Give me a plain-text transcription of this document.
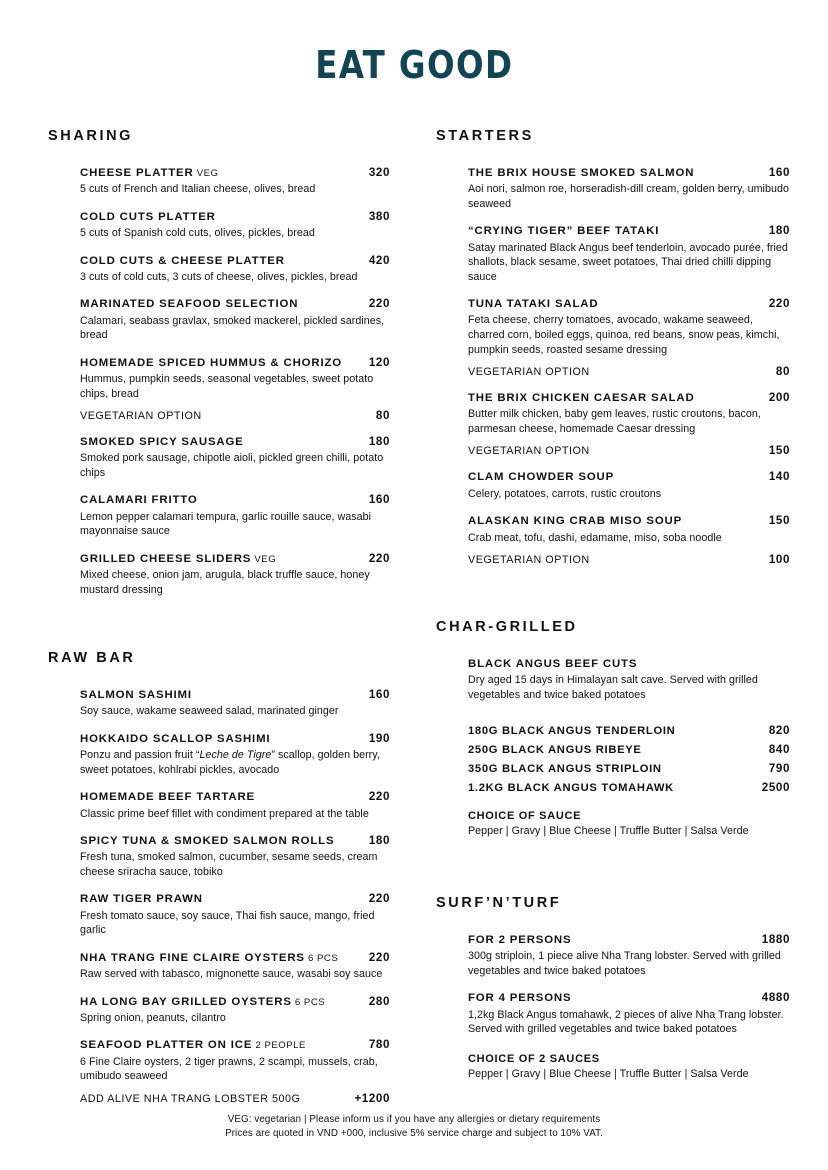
EAT GOOD
SHARING
CHEESE PLATTER VEG	320
5 cuts of French and Italian cheese, olives, bread
COLD CUTS PLATTER	380
5 cuts of Spanish cold cuts, olives, pickles, bread
COLD CUTS & CHEESE PLATTER	420
3 cuts of cold cuts, 3 cuts of cheese, olives, pickles, bread
MARINATED SEAFOOD SELECTION	220
Calamari, seabass gravlax, smoked mackerel, pickled sardines, bread
HOMEMADE SPICED HUMMUS & CHORIZO	120
Hummus, pumpkin seeds, seasonal vegetables, sweet potato chips, bread
VEGETARIAN OPTION	80
SMOKED SPICY SAUSAGE	180
Smoked pork sausage, chipotle aioli, pickled green chilli, potato chips
CALAMARI FRITTO	160
Lemon pepper calamari tempura, garlic rouille sauce, wasabi mayonnaise sauce
GRILLED CHEESE SLIDERS VEG	220
Mixed cheese, onion jam, arugula, black truffle sauce, honey mustard dressing
RAW BAR
SALMON SASHIMI	160
Soy sauce, wakame seaweed salad, marinated ginger
HOKKAIDO SCALLOP SASHIMI	190
Ponzu and passion fruit “Leche de Tigre” scallop, golden berry, sweet potatoes, kohlrabi pickles, avocado
HOMEMADE BEEF TARTARE	220
Classic prime beef fillet with condiment prepared at the table
SPICY TUNA & SMOKED SALMON ROLLS	180
Fresh tuna, smoked salmon, cucumber, sesame seeds, cream cheese sriracha sauce, tobiko
RAW TIGER PRAWN	220
Fresh tomato sauce, soy sauce, Thai fish sauce, mango, fried garlic
NHA TRANG FINE CLAIRE OYSTERS 6 PCS	220
Raw served with tabasco, mignonette sauce, wasabi soy sauce
HA LONG BAY GRILLED OYSTERS 6 PCS	280
Spring onion, peanuts, cilantro
SEAFOOD PLATTER ON ICE 2 PEOPLE	780
6 Fine Claire oysters, 2 tiger prawns, 2 scampi, mussels, crab, umibudo seaweed
ADD ALIVE NHA TRANG LOBSTER 500G	+1200
STARTERS
THE BRIX HOUSE SMOKED SALMON	160
Aoi nori, salmon roe, horseradish-dill cream, golden berry, umibudo seaweed
“CRYING TIGER” BEEF TATAKI	180
Satay marinated Black Angus beef tenderloin, avocado purée, fried shallots, black sesame, sweet potatoes, Thai dried chilli dipping sauce
TUNA TATAKI SALAD	220
Feta cheese, cherry tomatoes, avocado, wakame seaweed, charred corn, boiled eggs, quinoa, red beans, snow peas, kimchi, pumpkin seeds, roasted sesame dressing
VEGETARIAN OPTION	80
THE BRIX CHICKEN CAESAR SALAD	200
Butter milk chicken, baby gem leaves, rustic croutons, bacon, parmesan cheese, homemade Caesar dressing
VEGETARIAN OPTION	150
CLAM CHOWDER SOUP	140
Celery, potatoes, carrots, rustic croutons
ALASKAN KING CRAB MISO SOUP	150
Crab meat, tofu, dashi, edamame, miso, soba noodle
VEGETARIAN OPTION	100
CHAR-GRILLED
BLACK ANGUS BEEF CUTS
Dry aged 15 days in Himalayan salt cave. Served with grilled vegetables and twice baked potatoes
180G BLACK ANGUS TENDERLOIN	820
250G BLACK ANGUS RIBEYE	840
350G BLACK ANGUS STRIPLOIN	790
1.2KG BLACK ANGUS TOMAHAWK	2500
CHOICE OF SAUCE
Pepper | Gravy | Blue Cheese | Truffle Butter | Salsa Verde
SURF’N’TURF
FOR 2 PERSONS	1880
300g striploin, 1 piece alive Nha Trang lobster. Served with grilled vegetables and twice baked potatoes
FOR 4 PERSONS	4880
1,2kg Black Angus tomahawk, 2 pieces of alive Nha Trang lobster. Served with grilled vegetables and twice baked potatoes
CHOICE OF 2 SAUCES
Pepper | Gravy | Blue Cheese | Truffle Butter | Salsa Verde
VEG: vegetarian | Please inform us if you have any allergies or dietary requirements
Prices are quoted in VND +000, inclusive 5% service charge and subject to 10% VAT.
